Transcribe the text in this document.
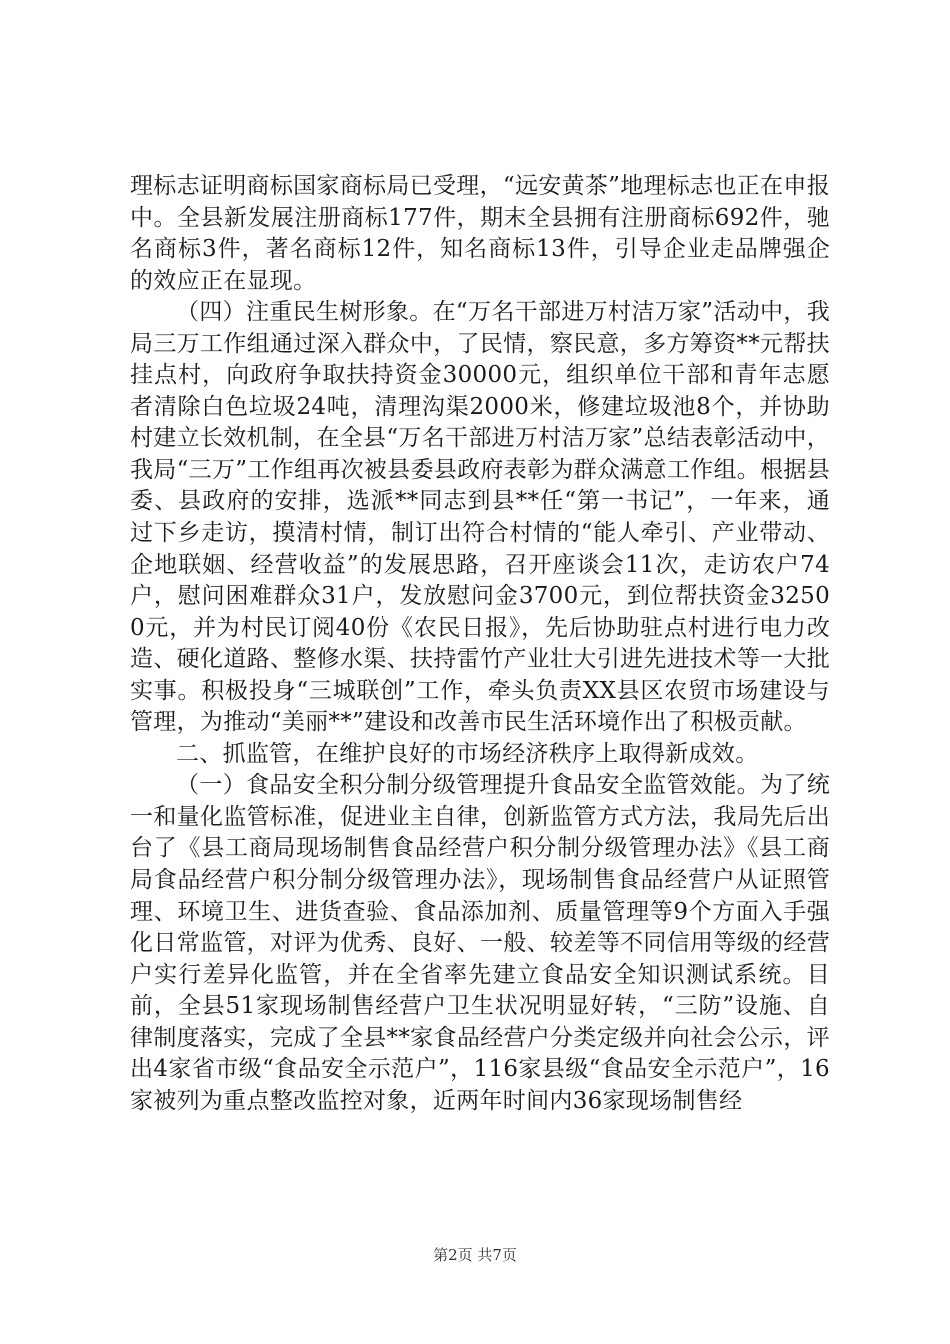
理标志证明商标国家商标局已受理，“远安黄茶”地理标志也正在申报中。全县新发展注册商标177件，期末全县拥有注册商标692件，驰名商标3件，著名商标12件，知名商标13件，引导企业走品牌强企的效应正在显现。

（四）注重民生树形象。在“万名干部进万村洁万家”活动中，我局三万工作组通过深入群众中，了民情，察民意，多方筹资**元帮扶挂点村，向政府争取扶持资金30000元，组织单位干部和青年志愿者清除白色垃圾24吨，清理沟渠2000米，修建垃圾池8个，并协助村建立长效机制，在全县“万名干部进万村洁万家”总结表彰活动中，我局“三万”工作组再次被县委县政府表彰为群众满意工作组。根据县委、县政府的安排，选派**同志到县**任“第一书记”，一年来，通过下乡走访，摸清村情，制订出符合村情的“能人牵引、产业带动、企地联姻、经营收益”的发展思路，召开座谈会11次，走访农户74户，慰问困难群众31户，发放慰问金3700元，到位帮扶资金32500元，并为村民订阅40份《农民日报》，先后协助驻点村进行电力改造、硬化道路、整修水渠、扶持雷竹产业壮大引进先进技术等一大批实事。积极投身“三城联创”工作，牵头负责XX县区农贸市场建设与管理，为推动“美丽**”建设和改善市民生活环境作出了积极贡献。

二、抓监管，在维护良好的市场经济秩序上取得新成效。

（一）食品安全积分制分级管理提升食品安全监管效能。为了统一和量化监管标准，促进业主自律，创新监管方式方法，我局先后出台了《县工商局现场制售食品经营户积分制分级管理办法》《县工商局食品经营户积分制分级管理办法》，现场制售食品经营户从证照管理、环境卫生、进货查验、食品添加剂、质量管理等9个方面入手强化日常监管，对评为优秀、良好、一般、较差等不同信用等级的经营户实行差异化监管，并在全省率先建立食品安全知识测试系统。目前，全县51家现场制售经营户卫生状况明显好转，“三防”设施、自律制度落实，完成了全县**家食品经营户分类定级并向社会公示，评出4家省市级“食品安全示范户”，116家县级“食品安全示范户”，16家被列为重点整改监控对象，近两年时间内36家现场制售经

第2页 共7页
